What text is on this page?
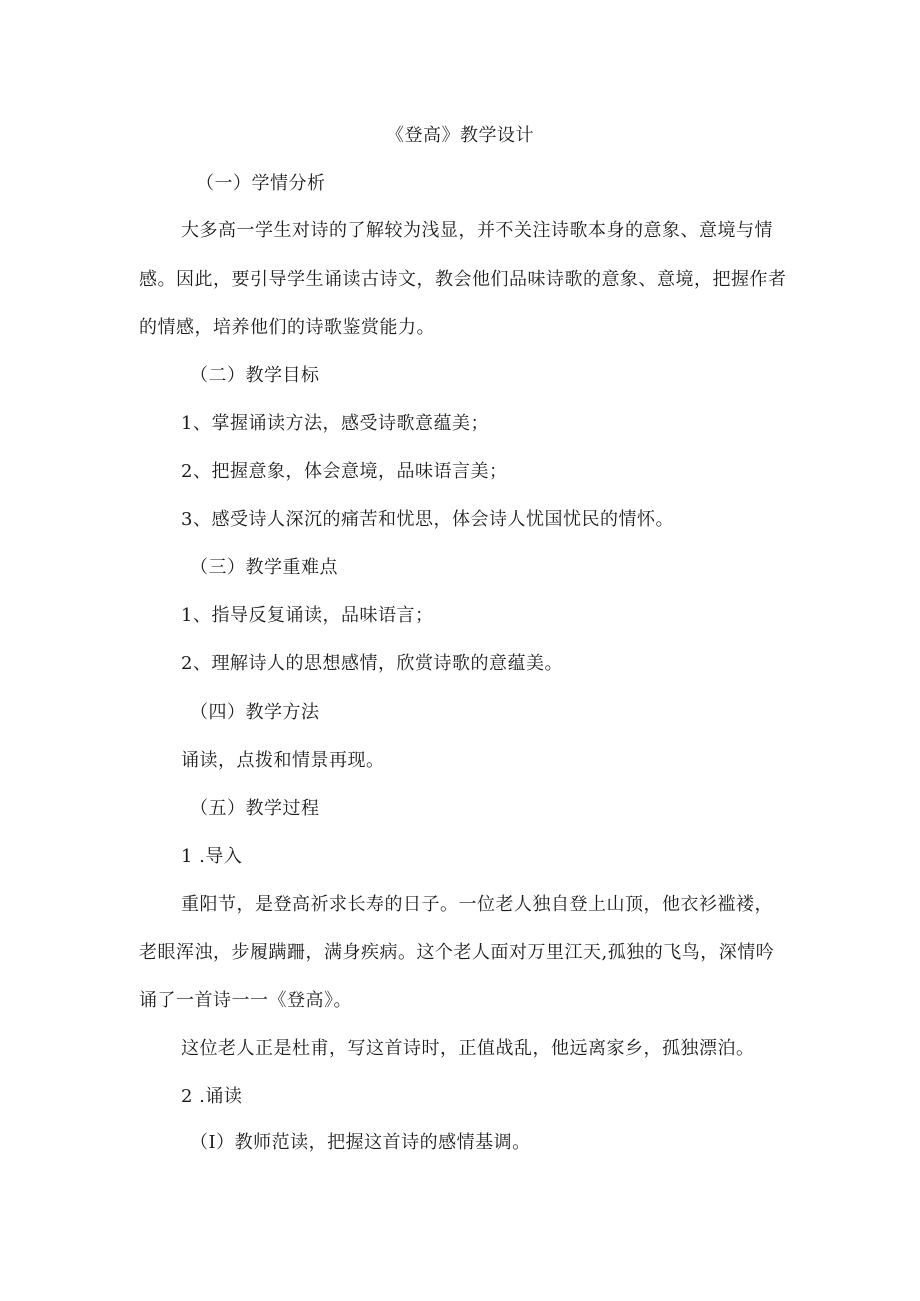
《登高》教学设计
（一）学情分析
大多高一学生对诗的了解较为浅显，并不关注诗歌本身的意象、意境与情
感。因此，要引导学生诵读古诗文，教会他们品味诗歌的意象、意境，把握作者
的情感，培养他们的诗歌鉴赏能力。
（二）教学目标
1、掌握诵读方法，感受诗歌意蕴美；
2、把握意象，体会意境，品味语言美；
3、感受诗人深沉的痛苦和忧思，体会诗人忧国忧民的情怀。
（三）教学重难点
1、指导反复诵读，品味语言；
2、理解诗人的思想感情，欣赏诗歌的意蕴美。
（四）教学方法
诵读，点拨和情景再现。
（五）教学过程
1 .导入
重阳节，是登高祈求长寿的日子。一位老人独自登上山顶，他衣衫褴褛，
老眼浑浊，步履蹒跚，满身疾病。这个老人面对万里江天,孤独的飞鸟，深情吟
诵了一首诗一一《登高》。
这位老人正是杜甫，写这首诗时，正值战乱，他远离家乡，孤独漂泊。
2 .诵读
（I）教师范读，把握这首诗的感情基调。
